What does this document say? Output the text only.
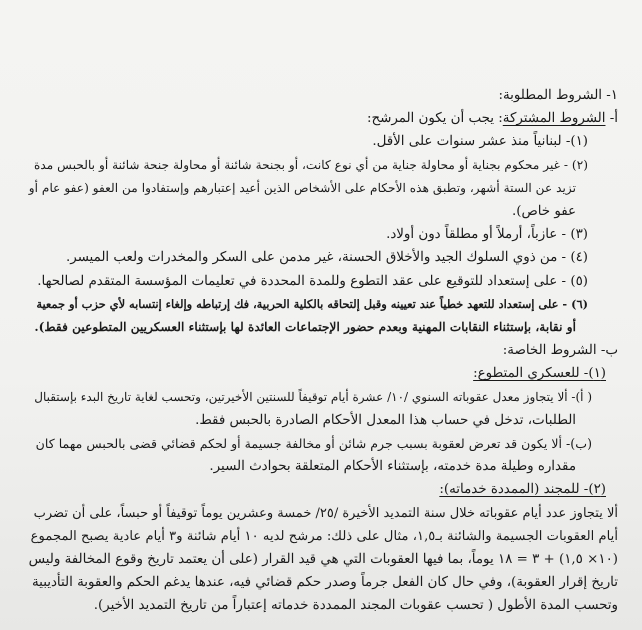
١- الشروط المطلوبة:
أ- الشروط المشتركة: يجب أن يكون المرشح:
(١)- لبنانياً منذ عشر سنوات على الأقل.
(٢) - غير محكوم بجناية أو محاولة جناية من أي نوع كانت، أو بجنحة شائنة أو محاولة جنحة شائنة أو بالحبس مدة
تزيد عن الستة أشهر، وتطبق هذه الأحكام على الأشخاص الذين أعيد إعتبارهم وإستفادوا من العفو (عفو عام أو
عفو خاص).
(٣) - عازباً، أرملاً أو مطلقاً دون أولاد.
(٤) - من ذوي السلوك الجيد والأخلاق الحسنة، غير مدمن على السكر والمخدرات ولعب الميسر.
(٥) - على إستعداد للتوقيع على عقد التطوع وللمدة المحددة في تعليمات المؤسسة المتقدم لصالحها.
(٦) - على إستعداد للتعهد خطياً عند تعيينه وقبل إلتحاقه بالكلية الحربية، فك إرتباطه وإلغاء إنتسابه لأي حزب أو جمعية
أو نقابة، بإستثناء النقابات المهنية وبعدم حضور الإجتماعات العائدة لها بإستثناء العسكريين المتطوعين فقط).
ب- الشروط الخاصة:
(١)- للعسكري المتطوع:
( أ)- ألا يتجاوز معدل عقوباته السنوي /١٠/ عشرة أيام توقيفاً للسنتين الأخيرتين، وتحسب لغاية تاريخ البدء بإستقبال
الطلبات، تدخل في حساب هذا المعدل الأحكام الصادرة بالحبس فقط.
(ب)- ألا يكون قد تعرض لعقوبة بسبب جرم شائن أو مخالفة جسيمة أو لحكم قضائي قضى بالحبس مهما كان
مقداره وطيلة مدة خدمته، بإستثناء الأحكام المتعلقة بحوادث السير.
(٢)- للمجند (الممددة خدماته):
ألا يتجاوز عدد أيام عقوباته خلال سنة التمديد الأخيرة /٢٥/ خمسة وعشرين يوماً توقيفاً أو حبساً، على أن تضرب
أيام العقوبات الجسيمة والشائنة بـ١,٥، مثال على ذلك: مرشح لديه ١٠ أيام شائنة و٣ أيام عادية يصبح المجموع
(١٠× ١,٥) + ٣ = ١٨ يوماً، بما فيها العقوبات التي هي قيد القرار (على أن يعتمد تاريخ وقوع المخالفة وليس
تاريخ إقرار العقوبة)، وفي حال كان الفعل جرماً وصدر حكم قضائي فيه، عندها يدغم الحكم والعقوبة التأديبية
وتحسب المدة الأطول ( تحسب عقوبات المجند الممددة خدماته إعتباراً من تاريخ التمديد الأخير).
